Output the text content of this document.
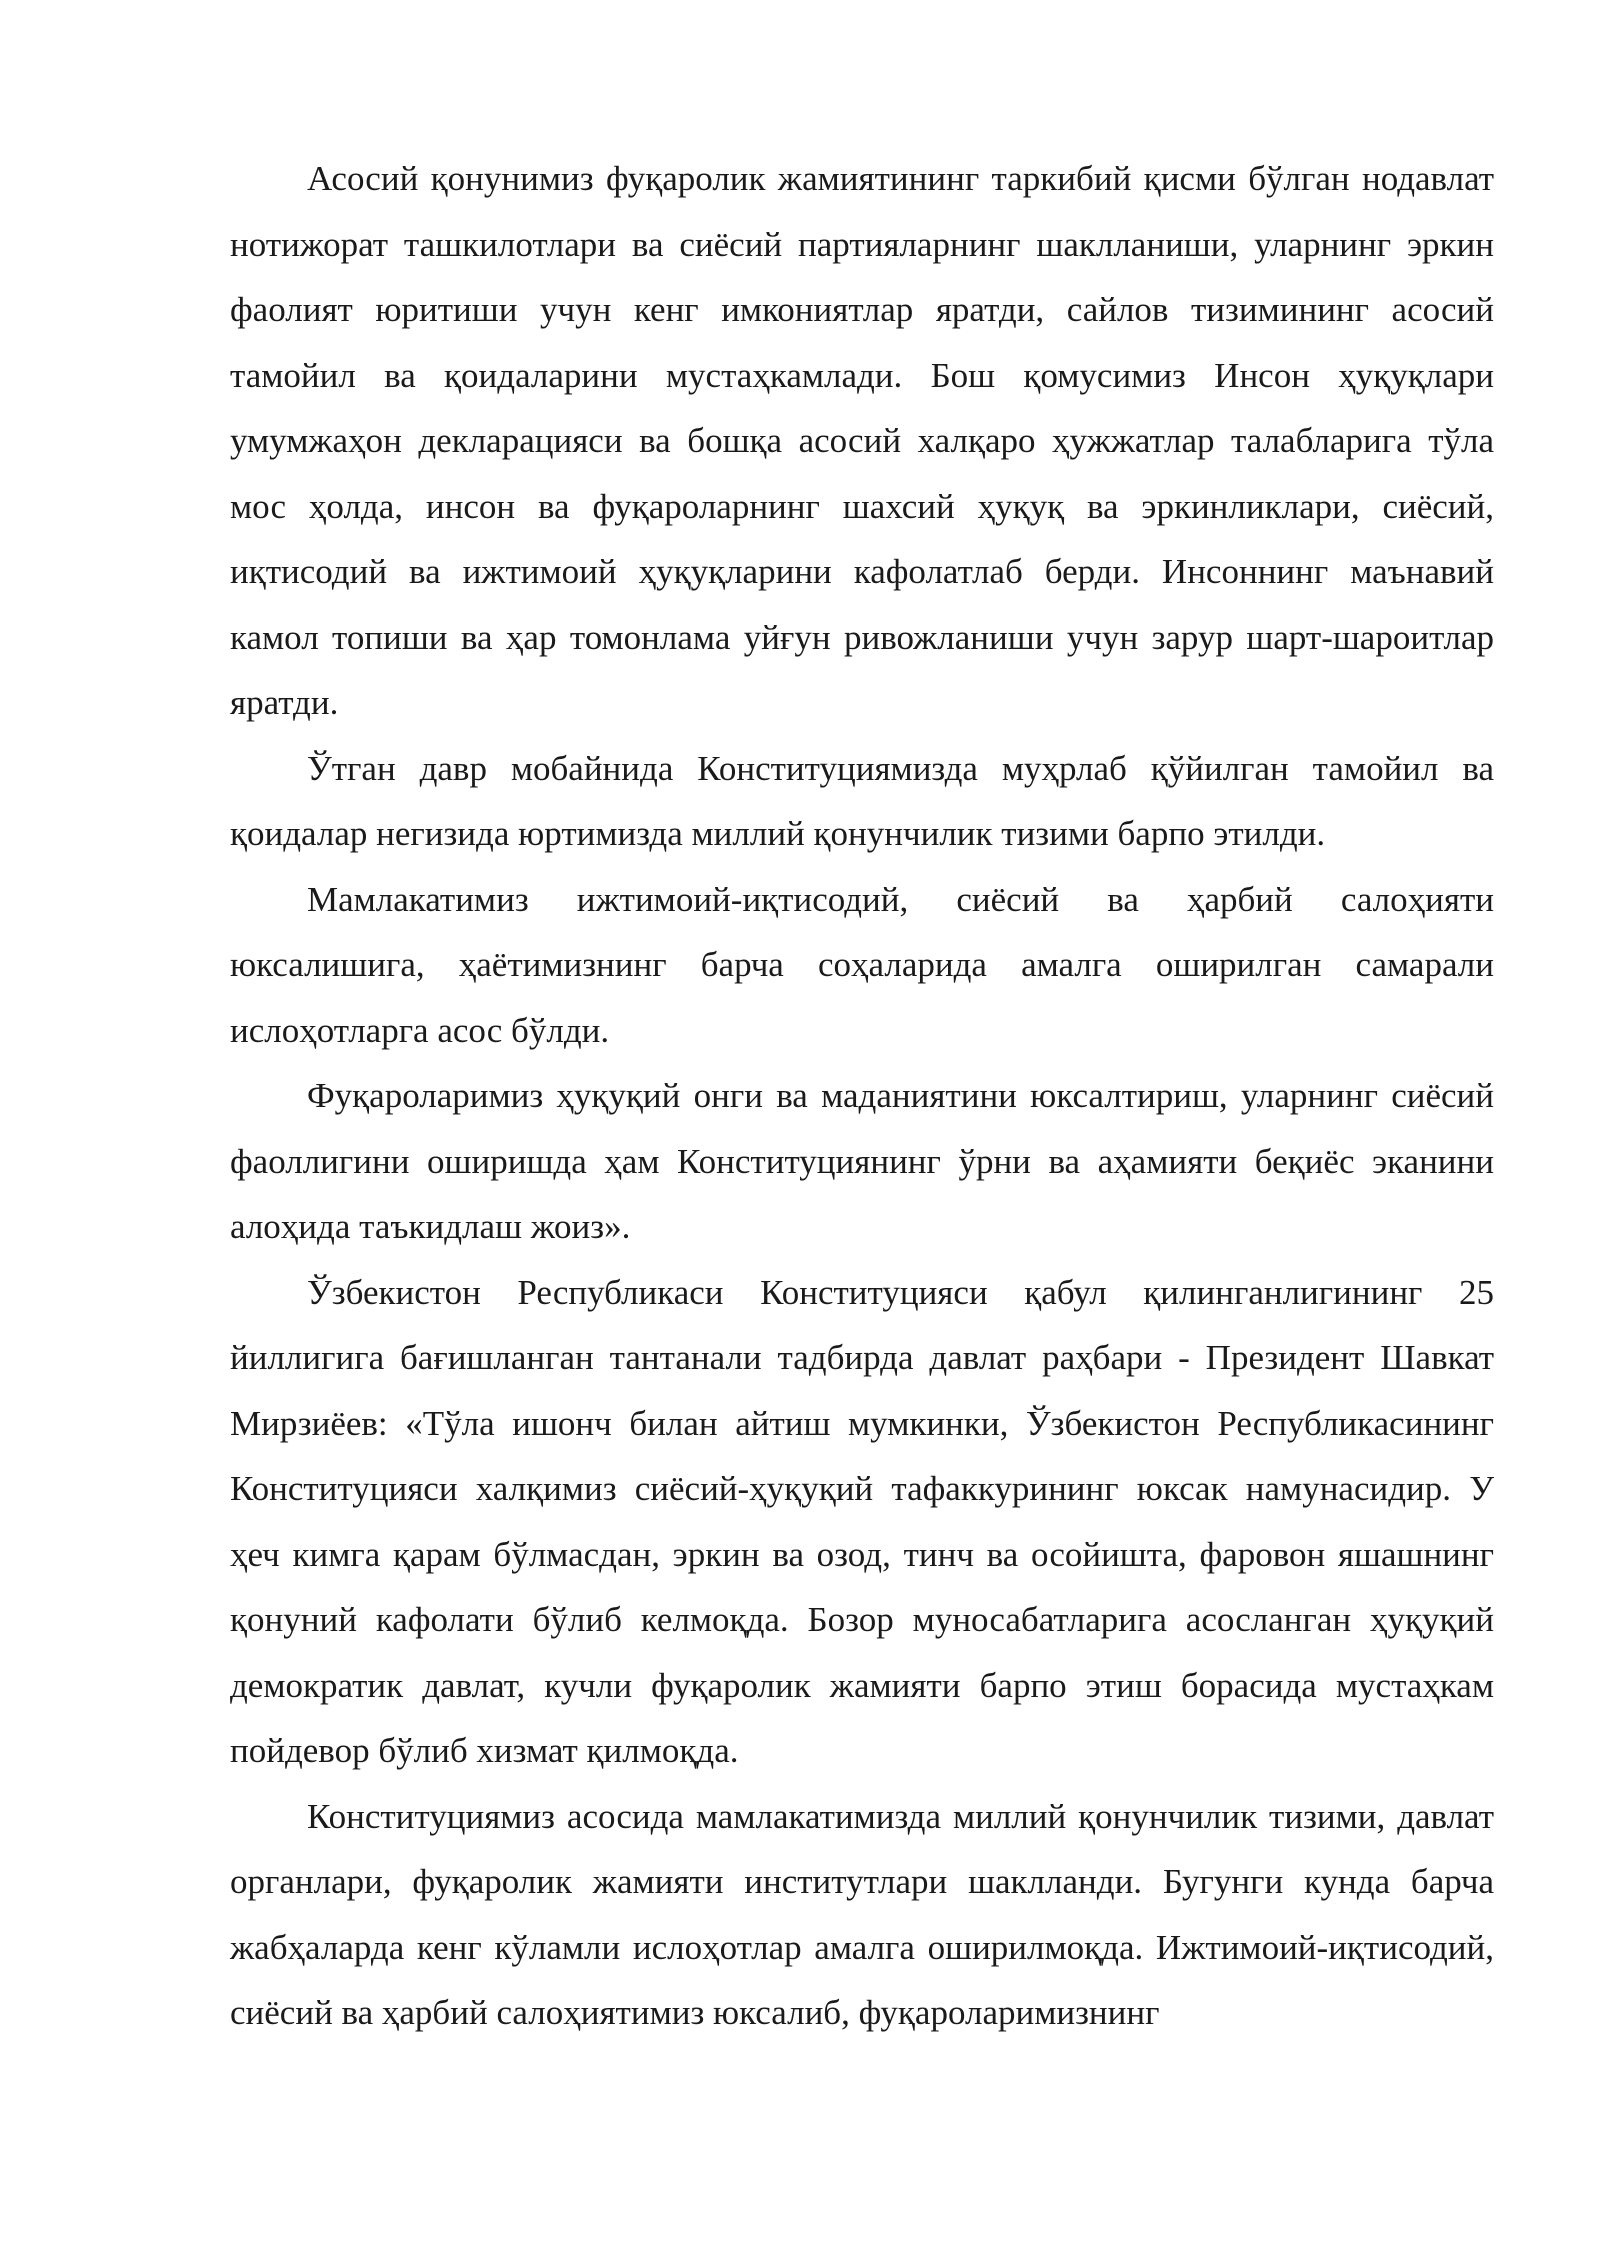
Асосий қонунимиз фуқаролик жамиятининг таркибий қисми бўлган нодавлат нотижорат ташкилотлари ва сиёсий партияларнинг шаклланиши, уларнинг эркин фаолият юритиши учун кенг имкониятлар яратди, сайлов тизимининг асосий тамойил ва қоидаларини мустаҳкамлади. Бош қомусимиз Инсон ҳуқуқлари умумжаҳон декларацияси ва бошқа асосий халқаро ҳужжатлар талабларига тўла мос ҳолда, инсон ва фуқароларнинг шахсий ҳуқуқ ва эркинликлари, сиёсий, иқтисодий ва ижтимоий ҳуқуқларини кафолатлаб берди. Инсоннинг маънавий камол топиши ва ҳар томонлама уйғун ривожланиши учун зарур шарт-шароитлар яратди.

Ўтган давр мобайнида Конституциямизда муҳрлаб қўйилган тамойил ва қоидалар негизида юртимизда миллий қонунчилик тизими барпо этилди.

Мамлакатимиз ижтимоий-иқтисодий, сиёсий ва ҳарбий салоҳияти юксалишига, ҳаётимизнинг барча соҳаларида амалга оширилган самарали ислоҳотларга асос бўлди.

Фуқароларимиз ҳуқуқий онги ва маданиятини юксалтириш, уларнинг сиёсий фаоллигини оширишда ҳам Конституциянинг ўрни ва аҳамияти беқиёс эканини алоҳида таъкидлаш жоиз».

Ўзбекистон Республикаси Конституцияси қабул қилинганлигининг 25 йиллигига бағишланган тантанали тадбирда давлат раҳбари - Президент Шавкат Мирзиёев: «Тўла ишонч билан айтиш мумкинки, Ўзбекистон Республикасининг Конституцияси халқимиз сиёсий-ҳуқуқий тафаккурининг юксак намунасидир. У ҳеч кимга қарам бўлмасдан, эркин ва озод, тинч ва осойишта, фаровон яшашнинг қонуний кафолати бўлиб келмоқда. Бозор муносабатларига асосланган ҳуқуқий демократик давлат, кучли фуқаролик жамияти барпо этиш борасида мустаҳкам пойдевор бўлиб хизмат қилмоқда.

Конституциямиз асосида мамлакатимизда миллий қонунчилик тизими, давлат органлари, фуқаролик жамияти институтлари шаклланди. Бугунги кунда барча жабҳаларда кенг кўламли ислоҳотлар амалга оширилмоқда. Ижтимоий-иқтисодий, сиёсий ва ҳарбий салоҳиятимиз юксалиб, фуқароларимизнинг
